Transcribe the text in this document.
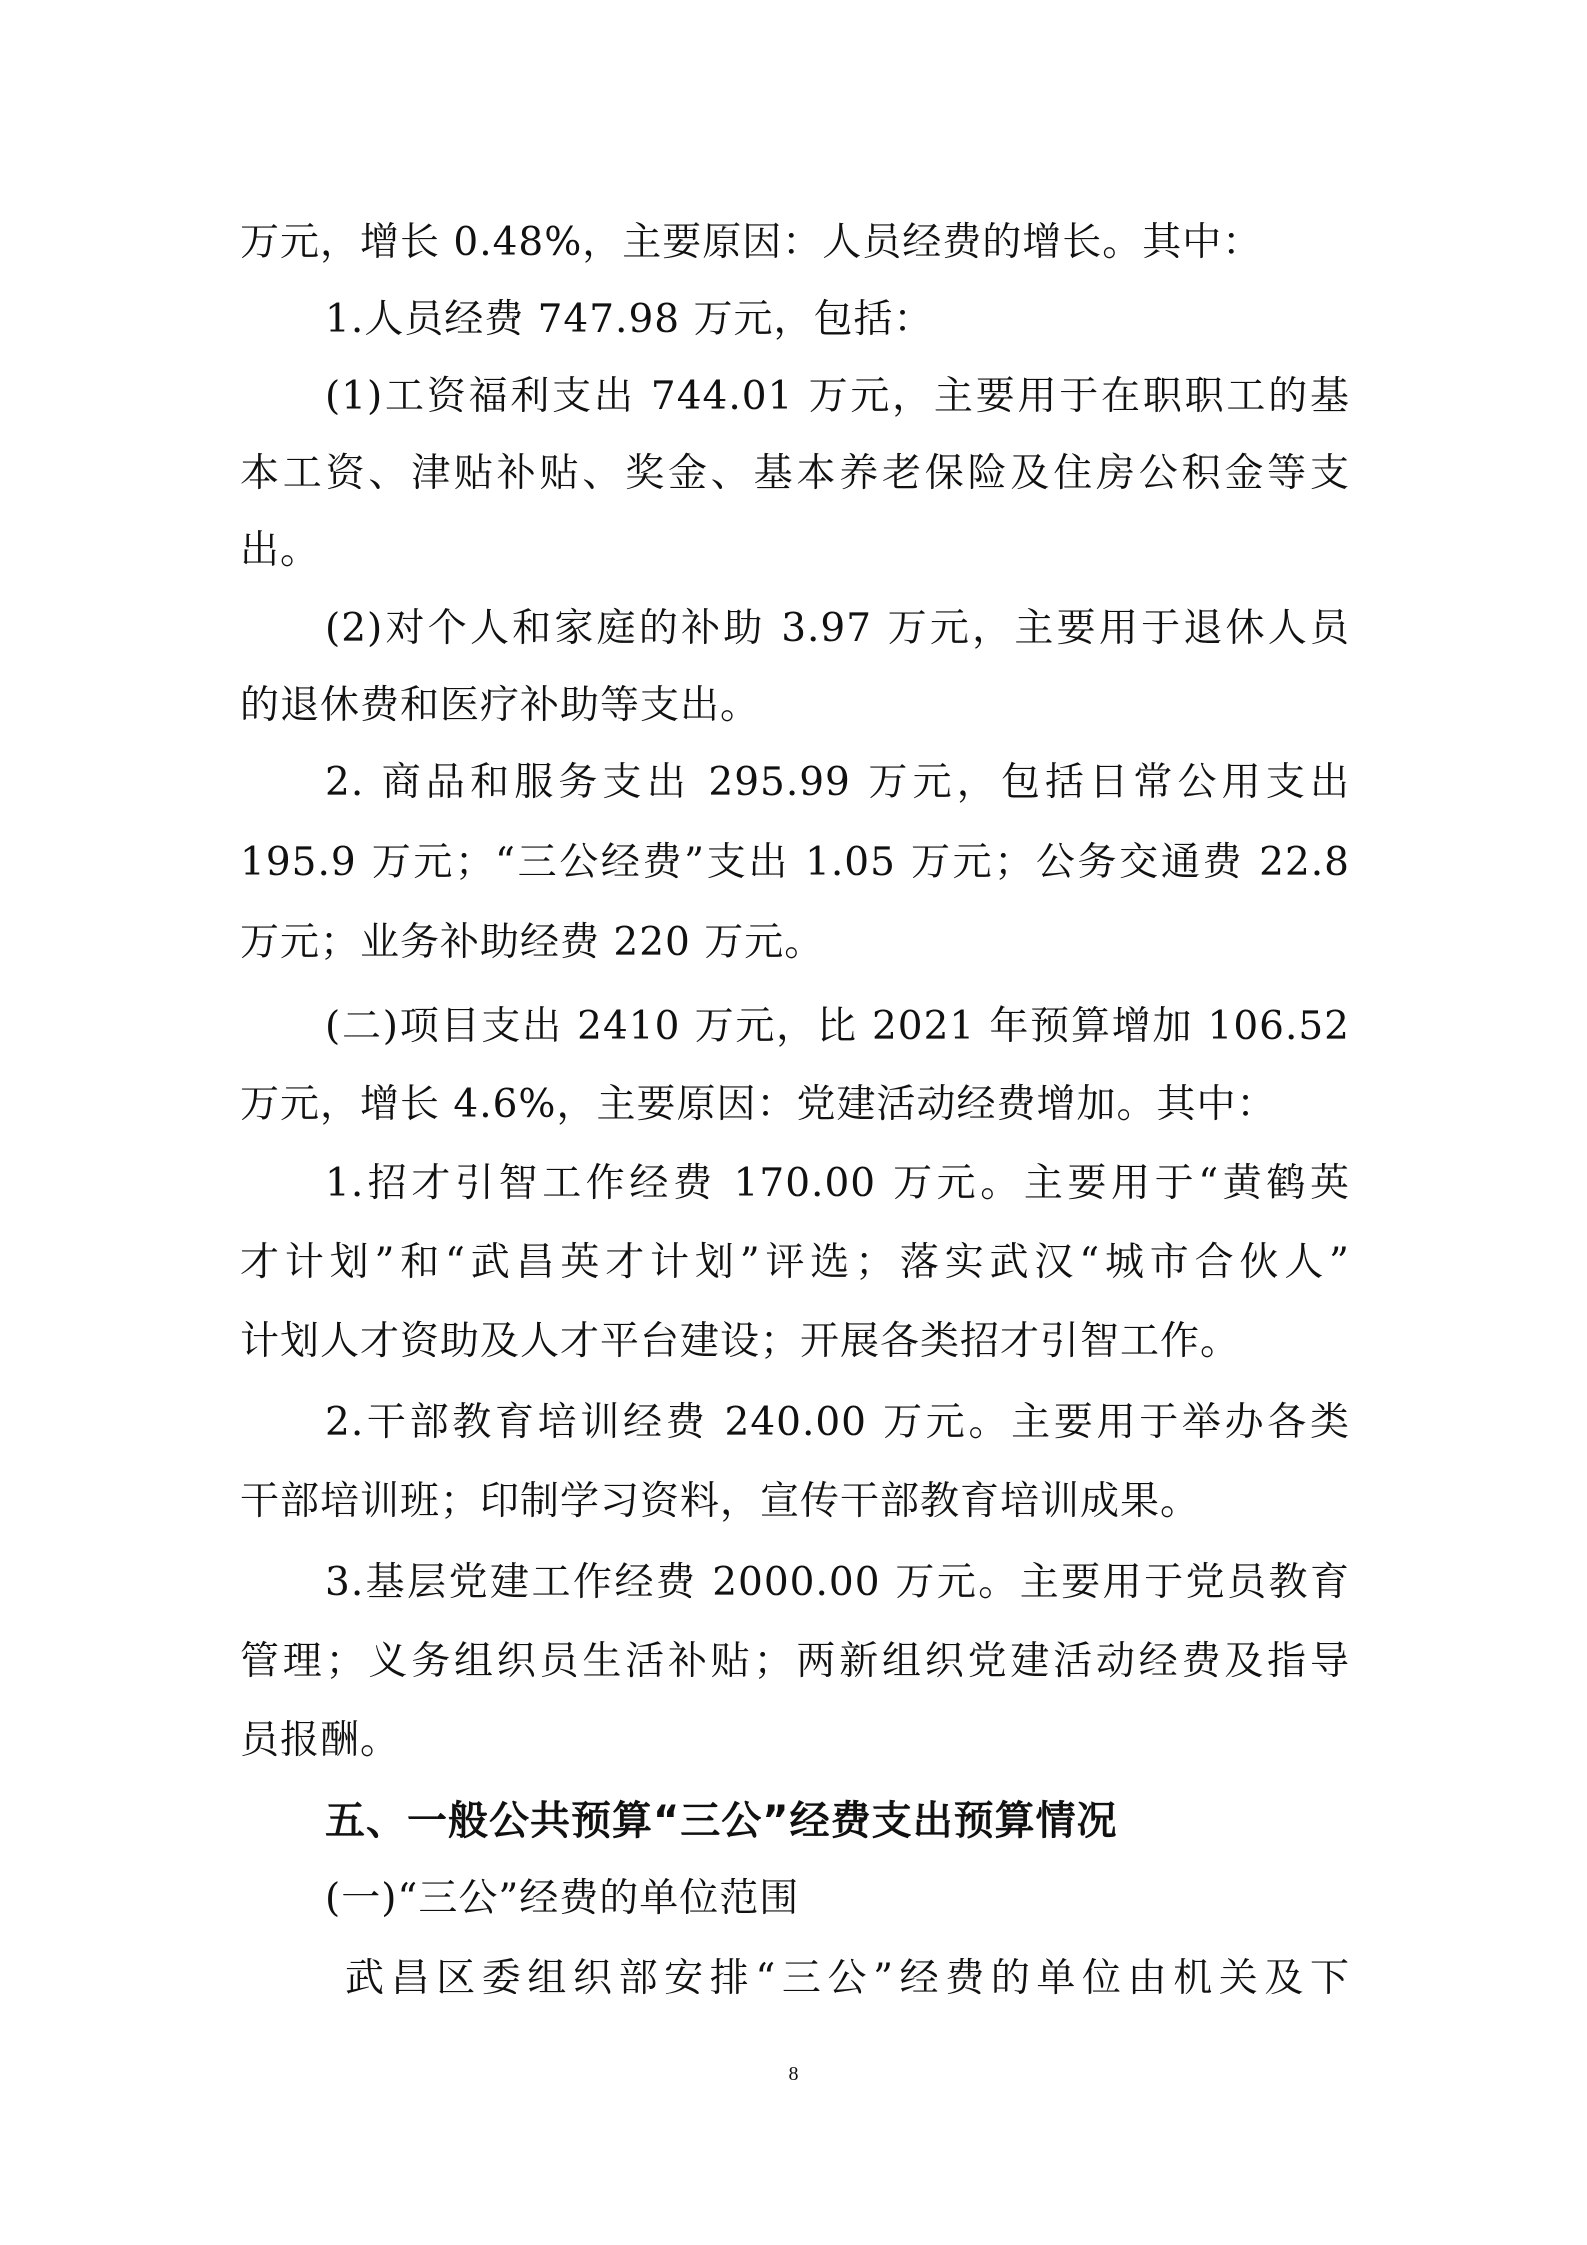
万元，增长 0.48%，主要原因：人员经费的增长。其中：
1.人员经费 747.98 万元，包括：
(1)工资福利支出 744.01 万元，主要用于在职职工的基
本工资、津贴补贴、奖金、基本养老保险及住房公积金等支
出。
(2)对个人和家庭的补助 3.97 万元，主要用于退休人员
的退休费和医疗补助等支出。
2. 商品和服务支出 295.99 万元，包括日常公用支出
195.9 万元；“三公经费”支出 1.05 万元；公务交通费 22.8
万元；业务补助经费 220 万元。
(二)项目支出 2410 万元，比 2021 年预算增加 106.52
万元，增长 4.6%，主要原因：党建活动经费增加。其中：
1.招才引智工作经费 170.00 万元。主要用于“黄鹤英
才计划”和“武昌英才计划”评选；落实武汉“城市合伙人”
计划人才资助及人才平台建设；开展各类招才引智工作。
2.干部教育培训经费 240.00 万元。主要用于举办各类
干部培训班；印制学习资料，宣传干部教育培训成果。
3.基层党建工作经费 2000.00 万元。主要用于党员教育
管理；义务组织员生活补贴；两新组织党建活动经费及指导
员报酬。
五、一般公共预算“三公”经费支出预算情况
(一)“三公”经费的单位范围
武昌区委组织部安排“三公”经费的单位由机关及下
8
